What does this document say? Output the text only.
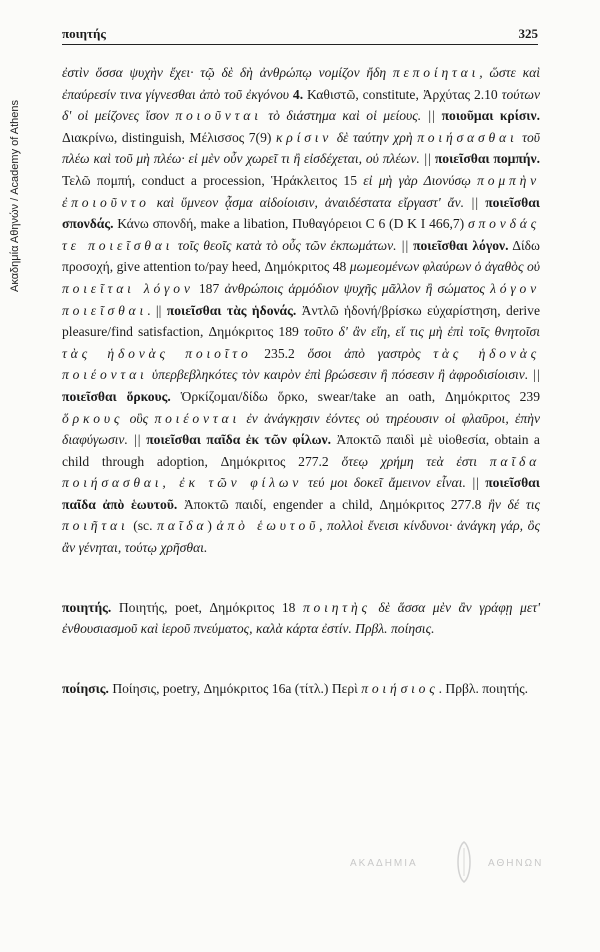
ποιητής	325
Ακαδημία Αθηνών / Academy of Athens

ἐστὶν ὅσσα ψυχὴν ἔχει· τῷ δὲ δὴ ἀνθρώπῳ νομίζον ἤδη πεποίηται, ὥστε καὶ ἐπαύρεσίν τινα γίγνεσθαι ἀπὸ τοῦ ἐκγόνου 4. Καθιστῶ, constitute, Ἀρχύτας 2.10 τούτων δ' οἱ μείζονες ἴσον ποιοῦνται τὸ διάστημα καὶ οἱ μείους. || ποιοῦμαι κρίσιν. Διακρίνω, distinguish, Μέλισσος 7(9) κρίσιν δὲ ταύτην χρὴ ποιήσασθαι τοῦ πλέω καὶ τοῦ μὴ πλέω· εἰ μὲν οὖν χωρεῖ τι ἢ εἰσδέχεται, οὐ πλέων. || ποιεῖσθαι πομπήν. Τελῶ πομπή, conduct a procession, Ἡράκλειτος 15 εἰ μὴ γὰρ Διονύσῳ πομπὴν ἐποιοῦντο καὶ ὕμνεον ᾆσμα αἰδοίοισιν, ἀναιδέστατα εἴργαστ' ἄν. || ποιεῖσθαι σπονδάς. Κάνω σπονδή, make a libation, Πυθαγόρειοι C 6 (D K I 466,7) σπονδάς τε ποιεῖσθαι τοῖς θεοῖς κατὰ τὸ οὖς τῶν ἐκπωμάτων. || ποιεῖσθαι λόγον. Δίδω προσοχή, give attention to/pay heed, Δημόκριτος 48 μωμεομένων φλαύρων ὁ ἀγαθὸς οὐ ποιεῖται λόγον 187 ἀνθρώποις ἁρμόδιον ψυχῆς μᾶλλον ἢ σώματος λόγον ποιεῖσθαι. || ποιεῖσθαι τὰς ἡδονάς. Ἀντλῶ ἡδονή/βρίσκω εὐχαρίστηση, derive pleasure/find satisfaction, Δημόκριτος 189 τοῦτο δ' ἂν εἴη, εἴ τις μὴ ἐπὶ τοῖς θνητοῖσι τὰς ἡδονὰς ποιοῖτο 235.2 ὅσοι ἀπὸ γαστρὸς τὰς ἡδονὰς ποιέονται ὑπερβεβληκότες τὸν καιρὸν ἐπὶ βρώσεσιν ἢ πόσεσιν ἢ ἀφροδισίοισιν. || ποιεῖσθαι ὅρκους. Ὁρκίζομαι/δίδω ὅρκο, swear/take an oath, Δημόκριτος 239 ὅρκους οὓς ποιέονται ἐν ἀνάγκῃσιν ἐόντες οὐ τηρέουσιν οἱ φλαῦροι, ἐπὴν διαφύγωσιν. || ποιεῖσθαι παῖδα ἐκ τῶν φίλων. Ἀποκτῶ παιδὶ μὲ υἱοθεσία, obtain a child through adoption, Δημόκριτος 277.2 ὅτεῳ χρήμη τεὰ ἐστι παῖδα ποιήσασθαι, ἐκ τῶν φίλων τεύ μοι δοκεῖ ἄμεινον εἶναι. || ποιεῖσθαι παῖδα ἀπὸ ἑωυτοῦ. Ἀποκτῶ παιδί, engender a child, Δημόκριτος 277.8 ἣν δέ τις ποιῆται (sc. παῖδα) ἀπὸ ἑωυτοῦ, πολλοὶ ἔνεισι κίνδυνοι· ἀνάγκη γάρ, ὃς ἂν γένηται, τούτῳ χρῆσθαι.

ποιητής. Ποιητής, poet, Δημόκριτος 18 ποιητὴς δὲ ἅσσα μὲν ἂν γράφῃ μετ' ἐνθουσιασμοῦ καὶ ἱεροῦ πνεύματος, καλὰ κάρτα ἐστίν. Πρβλ. ποίησις.

ποίησις. Ποίησις, poetry, Δημόκριτος 16a (τίτλ.) Περὶ ποιήσιος. Πρβλ. ποιητής.

ΑΚΑΔΗΜΙΑ	ΑΘΗΝΩΝ
